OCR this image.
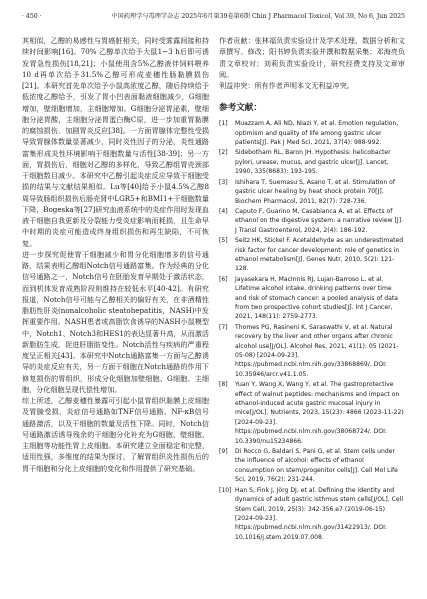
· 450 ·	中国药理学与毒理学杂志 2025年6月第39卷第6期 Chin J Pharmacol Toxicol, Vol 39, No 6, Jun 2025

其相似，乙醇的易感性与胃癌脏相关，同时受雾露间接和持续时间影响[16]。70% 乙醇单次给予大鼠1~3 h后即可诱发胃急性损伤[18,21]；小鼠使用含5%乙醇液伴饲料喂养10 d再单次给予31.5%乙醇可形成麦穗性肠黏膜损伤[21]。本研究首先单次给予小鼠高浓度乙醇，随后持续给予低浓度乙醇给予，引发了胃小凹表面黏液细胞减少，G细胞增加，壁细胞增加，主细胞增加。G细胞分泌胃泌素，壁细胞分泌胃酸，主细胞分泌胃蛋白酶C原，进一步加重胃黏膜的腐蚀损伤，加剧胃炎反应[38]。一方面胃腺体完整性受损导致胃腺体数量显著减少，同时炎性因子的分泌，炎性通路富集形成炎性环境影响干细胞数量与活性[38-39]；另一方面，胃损伤后，细胞对乙醇的多样化，导致乙醇组胃壳颈部干细胞数目减少。本研究中乙醇引起炎症反应导致干细胞受损的结果与文献结果相似。Lu等[40]给予小鼠4.5%乙醇8周导致肠组织损伤后肠壳肾中LGR5+和BMI1+干细胞数量下降，Bogeska等[27]研究血液系统中的炎症作用时发现血液干细胞自我更新及分裂能力受炎症影响而耗损，且生命早中时期的炎症可能造成终身组织损伤和再生缺陷，不可恢复。

进一步探究促使胃干细胞减少和胃分化细胞增多的信号通路，结果表明乙醇组Notch信号通路富集。作为经典的分化信号通路之一，Notch信号在胚胎发育早期处于激活状态，而到机体发育成熟阶段则维持在较低水平[40-42]。有研究报道，Notch信号可能与乙醇相关的偏好有关，在非酒精性脂肪性肝炎(nonalcoholic steatohepatitis，NASH)中发挥重要作用。NASH患者或高脂饮食诱导的NASH小鼠模型中，Notch1、Notch3和HES1的表达显著升高，从而激活新脂肪生成，促进肝脂肪变性。Notch活性与疾病的严重程度呈正相关[43]。本研究中Notch通路富集一方面与乙醇诱导的炎症反应有关，另一方面干细胞在Notch通路的作用下修复损伤的胃组织，形成分化细胞加壁细胞、G细胞、主细胞，分化细胞呈现代偿性增加。

综上所述，乙醇麦穗性暴露可引起小鼠胃组织黏膜上皮细胞及胃腺受损，炎症信号通路如TNF信号通路、NF-κB信号通路激活，以及干细胞的数量及活性下降。同时，Notch信号通路激活诱导残余的干细胞分化补充为G细胞、壁细胞、主细胞等功能性胃上皮细胞。本研究建立全面稳定和完整，适用性强，多维度的结果为探讨，了解胃组织炎性损伤后的胃干细胞和分化上皮细胞的变化和作用提供了研究基础。

作者贡献：张林福负责实验设计及学术处理、数据分析和文章撰写、修改；阳书婷负责实验并撰和数据采集；邓海亮负责文章校对；刘莉负责实验设计，研究经费支持及文章审阅。

利益冲突：所有作者声明本文无利益冲突。

参考文献：
[1]	Muazzam A, Ali ND, Niazi Y, et al. Emotion regulation, optimism and quality of life among gastric ulcer patients[J]. Pak J Med Sci, 2021, 37(4): 988-992.
[2]	Sidebotham RL, Baron JH. Hypothesis: helicobacter pylori, urease, mucus, and gastric ulcer[J]. Lancet, 1990, 335(8683): 193-195.
[3]	Ishihara T, Suemasu S, Asano T, et al. Stimulation of gastric ulcer healing by heat shock protein 70[J]. Biochem Pharmacol, 2011, 82(7): 728-736.
[4]	Caputo F, Guarino M, Casabianca A, et al. Effects of ethanol on the digestive system: a narrative review [J]. J Transl Gastroenterol, 2024, 2(4): 186-192.
[5]	Seitz HK, Stickel F. Acetaldehyde as an underestimated risk factor for cancer development: role of genetics in ethanol metabolism[J]. Genes Nutr, 2010, 5(2): 121-128.
[6]	Jayasekara H, MacInnis RJ, Lujan-Barroso L, et al. Lifetime alcohol intake, drinking patterns over time and risk of stomach cancer: a pooled analysis of data from two prospective cohort studies[J]. Int J Cancer, 2021, 148(11): 2759-2773.
[7]	Thomes PG, Rasineni K, Saraswathi V, et al. Natural recovery by the liver and other organs after chronic alcohol use[J/OL]. Alcohol Res, 2021, 41(1): 05 (2021-05-08) [2024-09-23]. https://pubmed.ncbi.nlm.nih.gov/33868869/. DOI: 10.35946/arcr.v41.1.05.
[8]	Yuan Y, Wang X, Wang Y, et al. The gastroprotective effect of walnut peptides: mechanisms and impact on ethanol-induced acute gastric mucosal injury in mice[J/OL]. Nutrients, 2023, 15(23): 4866 (2023-11-22) [2024-09-23]. https://pubmed.ncbi.nlm.nih.gov/38068724/. DOI: 10.3390/nu15234866.
[9]	Di Rocco G, Baldari S, Pani G, et al. Stem cells under the influence of alcohol: effects of ethanol consumption on stem/progenitor cells[J]. Cell Mol Life Sci, 2019, 76(2): 231-244.
[10] Han S, Fink J, Jörg DJ, et al. Defining the identity and dynamics of adult gastric isthmus stem cells[J/OL]. Cell Stem Cell, 2019, 25(3): 342-356.e7 (2019-06-15) [2024-09-23]. https://pubmed.ncbi.nlm.nih.gov/31422913/. DOI: 10.1016/j.stem.2019.07.008.
